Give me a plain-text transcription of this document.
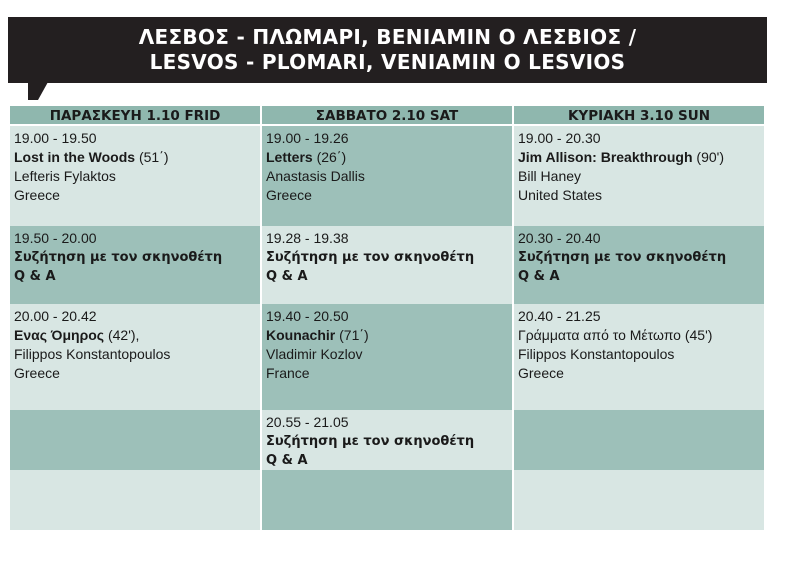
ΛΕΣΒΟΣ - ΠΛΩΜΑΡΙ, ΒΕΝΙΑΜΙΝ Ο ΛΕΣΒΙΟΣ /
LESVOS - PLOMARI, VENIAMIN O LESVIOS
ΠΑΡΑΣΚΕΥΗ 1.10 FRID	ΣΑΒΒΑΤΟ 2.10 SAT	ΚΥΡΙΑΚΗ 3.10 SUN
19.00 - 19.50
Lost in the Woods (51΄)
Lefteris Fylaktos
Greece
19.00 - 19.26
Letters (26΄)
Anastasis Dallis
Greece
19.00 - 20.30
Jim Allison: Breakthrough (90')
Bill Haney
United States
19.50 - 20.00
Συζήτηση με τον σκηνοθέτη
Q & A
19.28 - 19.38
Συζήτηση με τον σκηνοθέτη
Q & A
20.30 - 20.40
Συζήτηση με τον σκηνοθέτη
Q & A
20.00 - 20.42
Ενας Όμηρος (42'),
Filippos Konstantopoulos
Greece
19.40 - 20.50
Kounachir (71΄)
Vladimir Kozlov
France
20.40 - 21.25
Γράμματα από το Μέτωπο (45')
Filippos Konstantopoulos
Greece
20.55 - 21.05
Συζήτηση με τον σκηνοθέτη
Q & A
